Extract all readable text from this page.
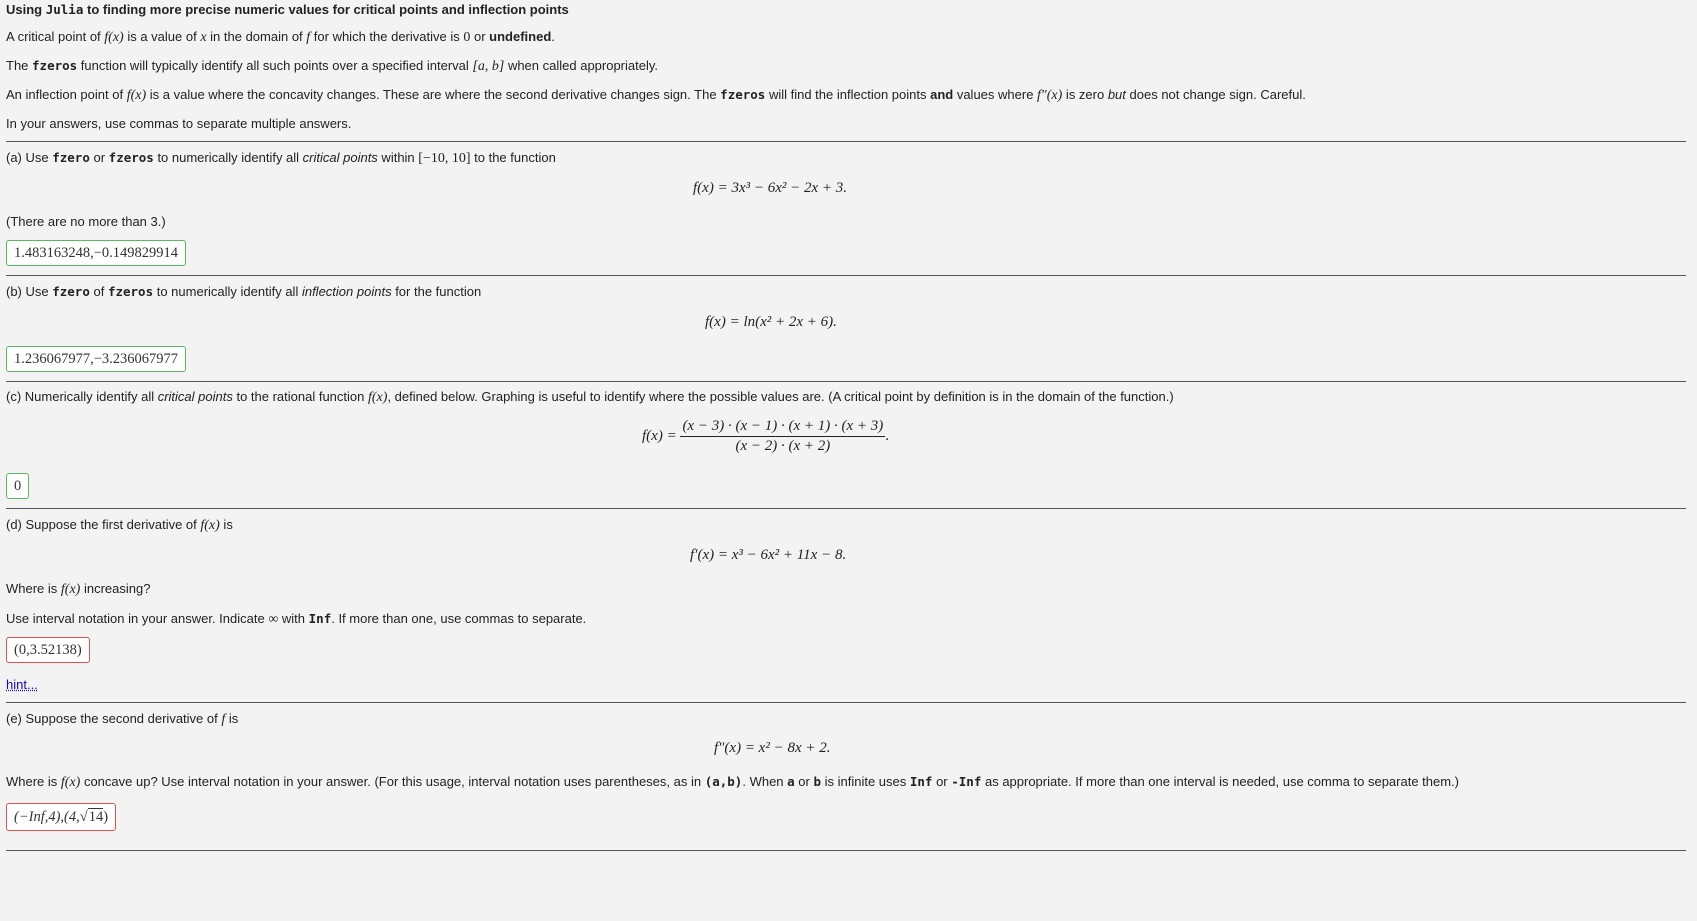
Using Julia to finding more precise numeric values for critical points and inflection points
A critical point of f(x) is a value of x in the domain of f for which the derivative is 0 or undefined.
The fzeros function will typically identify all such points over a specified interval [a, b] when called appropriately.
An inflection point of f(x) is a value where the concavity changes. These are where the second derivative changes sign. The fzeros will find the inflection points and values where f″(x) is zero but does not change sign. Careful.
In your answers, use commas to separate multiple answers.
(a) Use fzero or fzeros to numerically identify all critical points within [−10, 10] to the function
f(x) = 3x³ − 6x² − 2x + 3.
(There are no more than 3.)
1.483163248,−0.149829914
(b) Use fzero of fzeros to numerically identify all inflection points for the function
f(x) = ln(x² + 2x + 6).
1.236067977,−3.236067977
(c) Numerically identify all critical points to the rational function f(x), defined below. Graphing is useful to identify where the possible values are. (A critical point by definition is in the domain of the function.)
$f(x) = \frac{(x - 3) \cdot (x - 1) \cdot (x + 1) \cdot (x + 3)}{(x - 2) \cdot (x + 2)}$ .
0
(d) Suppose the first derivative of f(x) is
f′(x) = x³ − 6x² + 11x − 8.
Where is f(x) increasing?
Use interval notation in your answer. Indicate ∞ with Inf. If more than one, use commas to separate.
(0,3.52138)
hint...
(e) Suppose the second derivative of f is
f″(x) = x² − 8x + 2.
Where is f(x) concave up? Use interval notation in your answer. (For this usage, interval notation uses parentheses, as in (a,b). When a or b is infinite uses Inf or -Inf as appropriate. If more than one interval is needed, use comma to separate them.)
(−Inf,4),(4,√14)
